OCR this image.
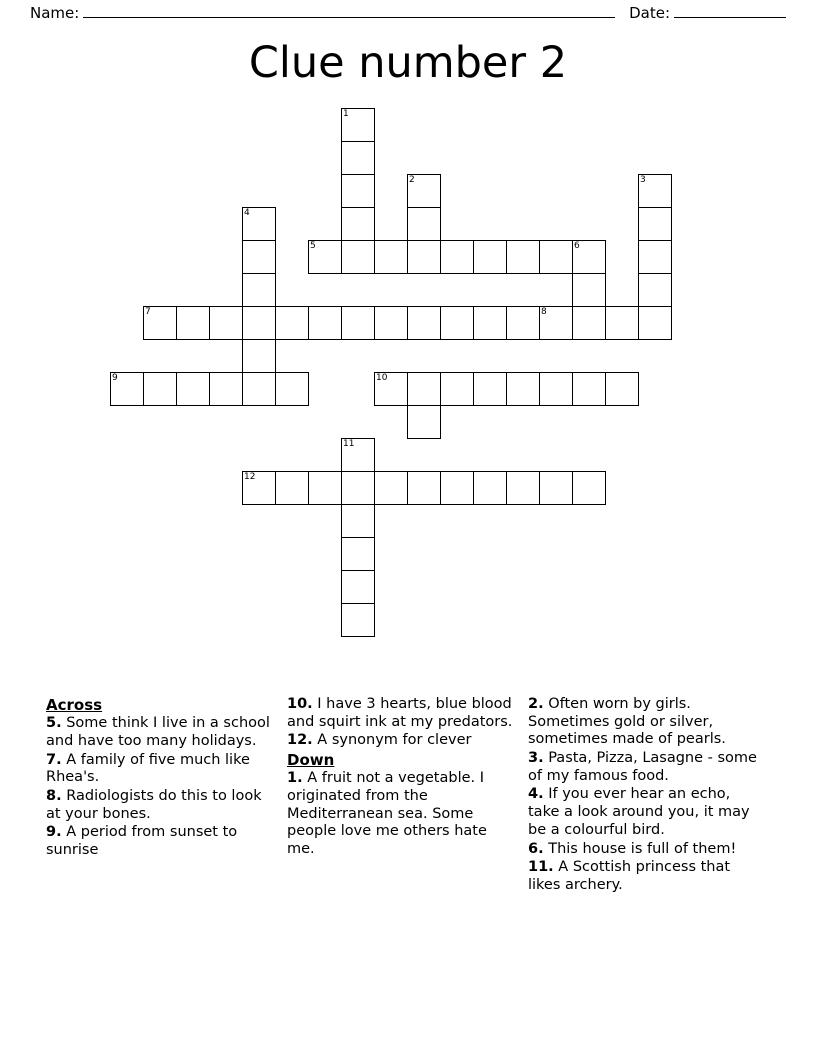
Name:	Date:
Clue number 2
1
2	3
4
5	6
7	8
9	10
11
12
Across
5. Some think I live in a school and have too many holidays.
7. A family of five much like Rhea's.
8. Radiologists do this to look at your bones.
9. A period from sunset to sunrise
10. I have 3 hearts, blue blood and squirt ink at my predators.
12. A synonym for clever
Down
1. A fruit not a vegetable. I originated from the Mediterranean sea. Some people love me others hate me.
2. Often worn by girls. Sometimes gold or silver, sometimes made of pearls.
3. Pasta, Pizza, Lasagne - some of my famous food.
4. If you ever hear an echo, take a look around you, it may be a colourful bird.
6. This house is full of them!
11. A Scottish princess that likes archery.
